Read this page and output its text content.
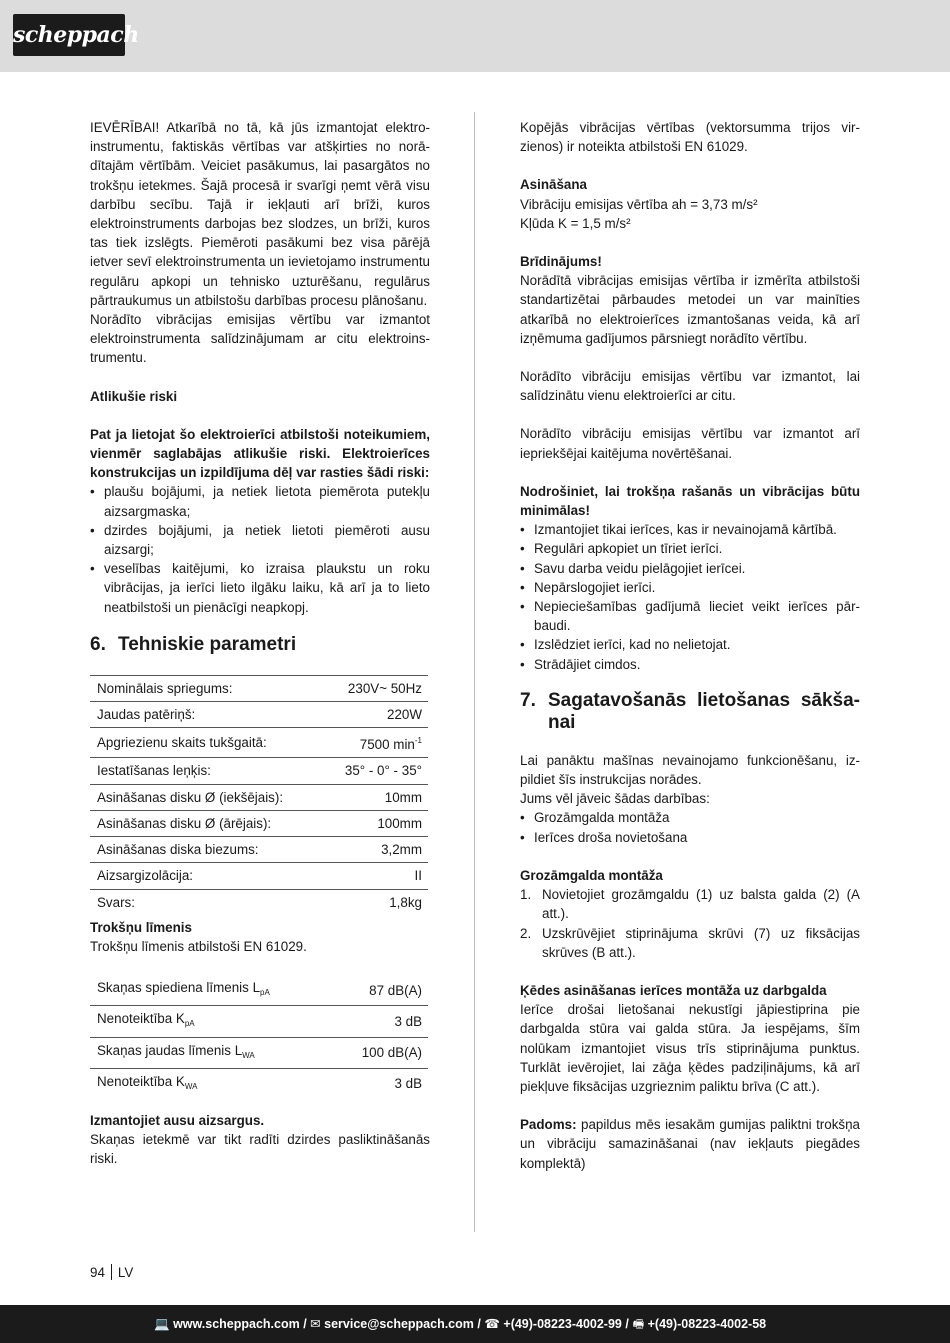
scheppach

IEVĒRĪBAI! Atkarībā no tā, kā jūs izmantojat elektroinstrumentu, faktiskās vērtības var atšķirties no norādītajām vērtībām. Veiciet pasākumus, lai pasargātos no trokšņu ietekmes. Šajā procesā ir svarīgi ņemt vērā visu darbību secību. Tajā ir iekļauti arī brīži, kuros elektroinstruments darbojas bez slodzes, un brīži, kuros tas tiek izslēgts. Piemēroti pasākumi bez visa pārējā ietver sevī elektroinstrumenta un ievietojamo instrumentu regulāru apkopi un tehnisko uzturēšanu, regulārus pārtraukumus un atbilstošu darbības procesu plānošanu.

Norādīto vibrācijas emisijas vērtību var izmantot elektroinstrumenta salīdzinājumam ar citu elektroinstrumentu.

Atlikušie riski

Pat ja lietojat šo elektroierīci atbilstoši noteikumiem, vienmēr saglabājas atlikušie riski. Elektroierīces konstrukcijas un izpildījuma dēļ var rasties šādi riski:

• plaušu bojājumi, ja netiek lietota piemērota putekļu aizsargmaska;
• dzirdes bojājumi, ja netiek lietoti piemēroti ausu aizsargi;
• veselības kaitējumi, ko izraisa plaukstu un roku vibrācijas, ja ierīci lieto ilgāku laiku, kā arī ja to lieto neatbilstoši un pienācīgi neapkopj.
6. Tehniskie parametri
Nominālais spriegums:	230V~ 50Hz
Jaudas patēriņš:	220W
Apgriezienu skaits tukšgaitā:	7500 $\min^{-1}$
Iestatīšanas leņķis:	35° - 0° - 35°
Asināšanas disku Ø (iekšējais):	10mm
Asināšanas disku Ø (ārējais):	100mm
Asināšanas diska biezums:	3,2mm
Aizsargizolācija:	II
Svars:	1,8kg

Trokšņu līmenis

Trokšņu līmenis atbilstoši EN 61029.

Skaņas spiediena līmenis $L_{pA}$	87 dB(A)
Nenoteiktība $K_{pA}$	3 dB
Skaņas jaudas līmenis $L_{WA}$	100 dB(A)
Nenoteiktība $K_{WA}$	3 dB

Izmantojiet ausu aizsargus.

Skaņas ietekmē var tikt radīti dzirdes pasliktināšanās riski.

Kopējās vibrācijas vērtības (vektorsumma trijos virzienos) ir noteikta atbilstoši EN 61029.

Asināšana

Vibrāciju emisijas vērtība ah = 3,73 m/s²

Kļūda K = 1,5 m/s²

Brīdinājums!

Norādītā vibrācijas emisijas vērtība ir izmērīta atbilstoši standartizētai pārbaudes metodei un var mainīties atkarībā no elektroierīces izmantošanas veida, kā arī izņēmuma gadījumos pārsniegt norādīto vērtību.

Norādīto vibrāciju emisijas vērtību var izmantot, lai salīdzinātu vienu elektroierīci ar citu.

Norādīto vibrāciju emisijas vērtību var izmantot arī iepriekšējai kaitējuma novērtēšanai.

Nodrošiniet, lai trokšņa rašanās un vibrācijas būtu minimālas!

• Izmantojiet tikai ierīces, kas ir nevainojamā kārtībā.
• Regulāri apkopiet un tīriet ierīci.
• Savu darba veidu pielāgojiet ierīcei.
• Nepārslogojiet ierīci.
• Nepieciešamības gadījumā lieciet veikt ierīces pārbaudi.
• Izslēdziet ierīci, kad no nelietojat.
• Strādājiet cimdos.
7. Sagatavošanās lietošanas sākšanai

Lai panāktu mašīnas nevainojamo funkcionēšanu, izpildiet šīs instrukcijas norādes.

Jums vēl jāveic šādas darbības:

• Grozāmgalda montāža
• Ierīces droša novietošana

Grozāmgalda montāža

1. Novietojiet grozāmgaldu (1) uz balsta galda (2) (A att.).
2. Uzskrūvējiet stiprinājuma skrūvi (7) uz fiksācijas skrūves (B att.).

Ķēdes asināšanas ierīces montāža uz darbgalda

Ierīce drošai lietošanai nekustīgi jāpiestiprina pie darbgalda stūra vai galda stūra. Ja iespējams, šīm nolūkam izmantojiet visus trīs stiprinājuma punktus. Turklāt ievērojiet, lai zāģa ķēdes padziļinājums, kā arī piekļuve fiksācijas uzgrieznim paliktu brīva (C att.).

Padoms: papildus mēs iesakām gumijas paliktni trokšņa un vibrāciju samazināšanai (nav iekļauts piegādes komplektā)

94 LV
💻 www.scheppach.com / ✉ service@scheppach.com / ☎ +(49)-08223-4002-99 / 🖷 +(49)-08223-4002-58
